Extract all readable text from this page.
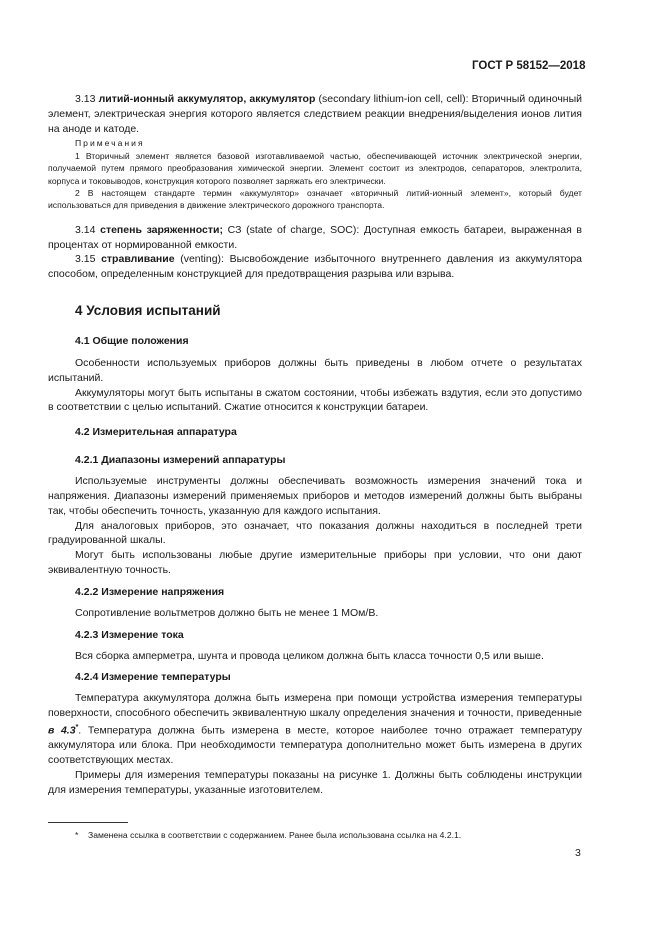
ГОСТ Р 58152—2018

3.13 литий-ионный аккумулятор, аккумулятор (secondary lithium-ion cell, cell): Вторичный одиночный элемент, электрическая энергия которого является следствием реакции внедрения/выделения ионов лития на аноде и катоде.

Примечания

1 Вторичный элемент является базовой изготавливаемой частью, обеспечивающей источник электрической энергии, получаемой путем прямого преобразования химической энергии. Элемент состоит из электродов, сепараторов, электролита, корпуса и токовыводов, конструкция которого позволяет заряжать его электрически.

2 В настоящем стандарте термин «аккумулятор» означает «вторичный литий-ионный элемент», который будет использоваться для приведения в движение электрического дорожного транспорта.

3.14 степень заряженности; СЗ (state of charge, SOC): Доступная емкость батареи, выраженная в процентах от нормированной емкости.

3.15 стравливание (venting): Высвобождение избыточного внутреннего давления из аккумулятора способом, определенным конструкцией для предотвращения разрыва или взрыва.

4 Условия испытаний

4.1 Общие положения

Особенности используемых приборов должны быть приведены в любом отчете о результатах испытаний.

Аккумуляторы могут быть испытаны в сжатом состоянии, чтобы избежать вздутия, если это допустимо в соответствии с целью испытаний. Сжатие относится к конструкции батареи.

4.2 Измерительная аппаратура

4.2.1 Диапазоны измерений аппаратуры

Используемые инструменты должны обеспечивать возможность измерения значений тока и напряжения. Диапазоны измерений применяемых приборов и методов измерений должны быть выбраны так, чтобы обеспечить точность, указанную для каждого испытания.

Для аналоговых приборов, это означает, что показания должны находиться в последней трети градуированной шкалы.

Могут быть использованы любые другие измерительные приборы при условии, что они дают эквивалентную точность.

4.2.2 Измерение напряжения

Сопротивление вольтметров должно быть не менее 1 МОм/В.

4.2.3 Измерение тока

Вся сборка амперметра, шунта и провода целиком должна быть класса точности 0,5 или выше.

4.2.4 Измерение температуры

Температура аккумулятора должна быть измерена при помощи устройства измерения температуры поверхности, способного обеспечить эквивалентную шкалу определения значения и точности, приведенные в 4.3*. Температура должна быть измерена в месте, которое наиболее точно отражает температуру аккумулятора или блока. При необходимости температура дополнительно может быть измерена в других соответствующих местах.

Примеры для измерения температуры показаны на рисунке 1. Должны быть соблюдены инструкции для измерения температуры, указанные изготовителем.

* Заменена ссылка в соответствии с содержанием. Ранее была использована ссылка на 4.2.1.
3
